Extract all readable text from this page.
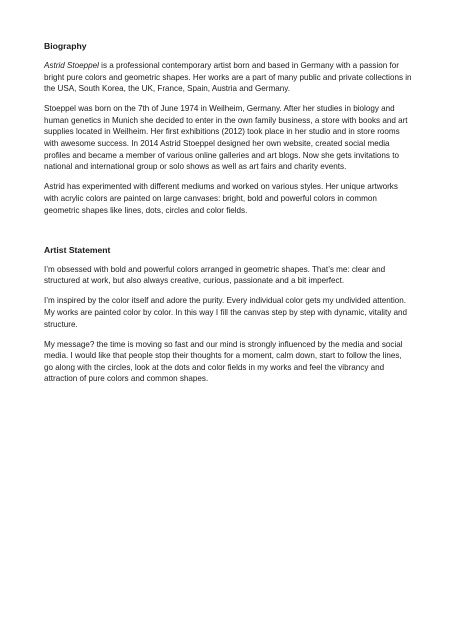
Biography

Astrid Stoeppel is a professional contemporary artist born and based in Germany with a passion for bright pure colors and geometric shapes. Her works are a part of many public and private collections in the USA, South Korea, the UK, France, Spain, Austria and Germany.

Stoeppel was born on the 7th of June 1974 in Weilheim, Germany. After her studies in biology and human genetics in Munich she decided to enter in the own family business, a store with books and art supplies located in Weilheim. Her first exhibitions (2012) took place in her studio and in store rooms with awesome success. In 2014 Astrid Stoeppel designed her own website, created social media profiles and became a member of various online galleries and art blogs. Now she gets invitations to national and international group or solo shows as well as art fairs and charity events.

Astrid has experimented with different mediums and worked on various styles. Her unique artworks with acrylic colors are painted on large canvases: bright, bold and powerful colors in common geometric shapes like lines, dots, circles and color fields.

Artist Statement

I’m obsessed with bold and powerful colors arranged in geometric shapes. That’s me: clear and structured at work, but also always creative, curious, passionate and a bit imperfect.

I’m inspired by the color itself and adore the purity. Every individual color gets my undivided attention. My works are painted color by color. In this way I fill the canvas step by step with dynamic, vitality and structure.

My message? the time is moving so fast and our mind is strongly influenced by the media and social media. I would like that people stop their thoughts for a moment, calm down, start to follow the lines, go along with the circles, look at the dots and color fields in my works and feel the vibrancy and attraction of pure colors and common shapes.
